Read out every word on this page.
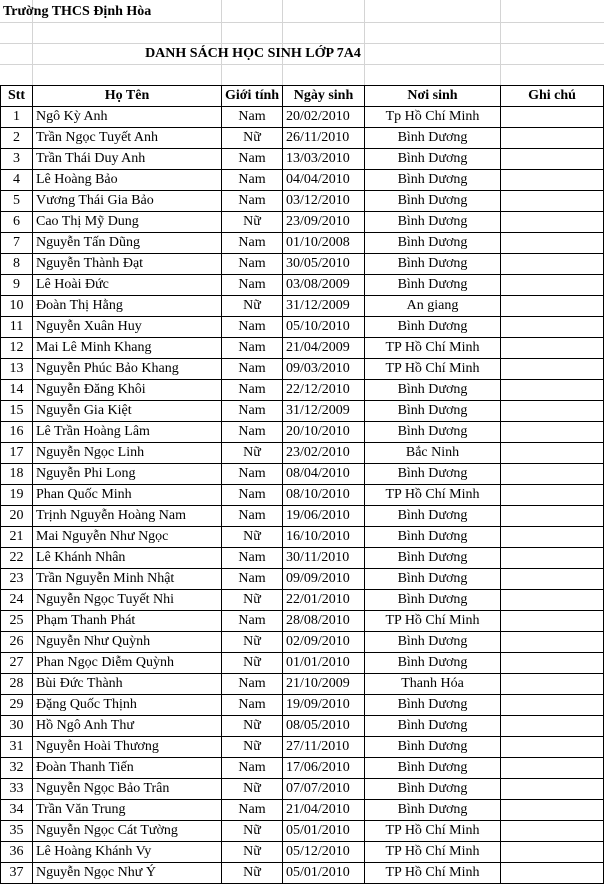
Trường THCS Định Hòa
DANH SÁCH HỌC SINH LỚP 7A4
Stt	Họ Tên	Giới tính	Ngày sinh	Nơi sinh	Ghi chú
1	Ngô Kỳ Anh	Nam	20/02/2010	Tp Hồ Chí Minh	
2	Trần Ngọc Tuyết Anh	Nữ	26/11/2010	Bình Dương	
3	Trần Thái Duy Anh	Nam	13/03/2010	Bình Dương	
4	Lê Hoàng Bảo	Nam	04/04/2010	Bình Dương	
5	Vương Thái Gia Bảo	Nam	03/12/2010	Bình Dương	
6	Cao Thị Mỹ Dung	Nữ	23/09/2010	Bình Dương	
7	Nguyễn Tấn Dũng	Nam	01/10/2008	Bình Dương	
8	Nguyễn Thành Đạt	Nam	30/05/2010	Bình Dương	
9	Lê Hoài Đức	Nam	03/08/2009	Bình Dương	
10	Đoàn Thị Hằng	Nữ	31/12/2009	An giang	
11	Nguyễn Xuân Huy	Nam	05/10/2010	Bình Dương	
12	Mai Lê Minh Khang	Nam	21/04/2009	TP Hồ Chí Minh	
13	Nguyễn Phúc Bảo Khang	Nam	09/03/2010	TP Hồ Chí Minh	
14	Nguyễn Đăng Khôi	Nam	22/12/2010	Bình Dương	
15	Nguyễn Gia Kiệt	Nam	31/12/2009	Bình Dương	
16	Lê Trần Hoàng Lâm	Nam	20/10/2010	Bình Dương	
17	Nguyễn Ngọc Linh	Nữ	23/02/2010	Bắc Ninh	
18	Nguyễn Phi Long	Nam	08/04/2010	Bình Dương	
19	Phan Quốc Minh	Nam	08/10/2010	TP Hồ Chí Minh	
20	Trịnh Nguyễn Hoàng Nam	Nam	19/06/2010	Bình Dương	
21	Mai Nguyễn Như Ngọc	Nữ	16/10/2010	Bình Dương	
22	Lê Khánh Nhân	Nam	30/11/2010	Bình Dương	
23	Trần Nguyễn Minh Nhật	Nam	09/09/2010	Bình Dương	
24	Nguyễn Ngọc Tuyết Nhi	Nữ	22/01/2010	Bình Dương	
25	Phạm Thanh Phát	Nam	28/08/2010	TP Hồ Chí Minh	
26	Nguyễn Như Quỳnh	Nữ	02/09/2010	Bình Dương	
27	Phan Ngọc Diễm Quỳnh	Nữ	01/01/2010	Bình Dương	
28	Bùi Đức Thành	Nam	21/10/2009	Thanh Hóa	
29	Đặng Quốc Thịnh	Nam	19/09/2010	Bình Dương	
30	Hồ Ngô Anh Thư	Nữ	08/05/2010	Bình Dương	
31	Nguyễn Hoài Thương	Nữ	27/11/2010	Bình Dương	
32	Đoàn Thanh Tiến	Nam	17/06/2010	Bình Dương	
33	Nguyễn Ngọc Bảo Trân	Nữ	07/07/2010	Bình Dương	
34	Trần Văn Trung	Nam	21/04/2010	Bình Dương	
35	Nguyễn Ngọc Cát Tường	Nữ	05/01/2010	TP Hồ Chí Minh	
36	Lê Hoàng Khánh Vy	Nữ	05/12/2010	TP Hồ Chí Minh	
37	Nguyễn Ngọc Như Ý	Nữ	05/01/2010	TP Hồ Chí Minh	
